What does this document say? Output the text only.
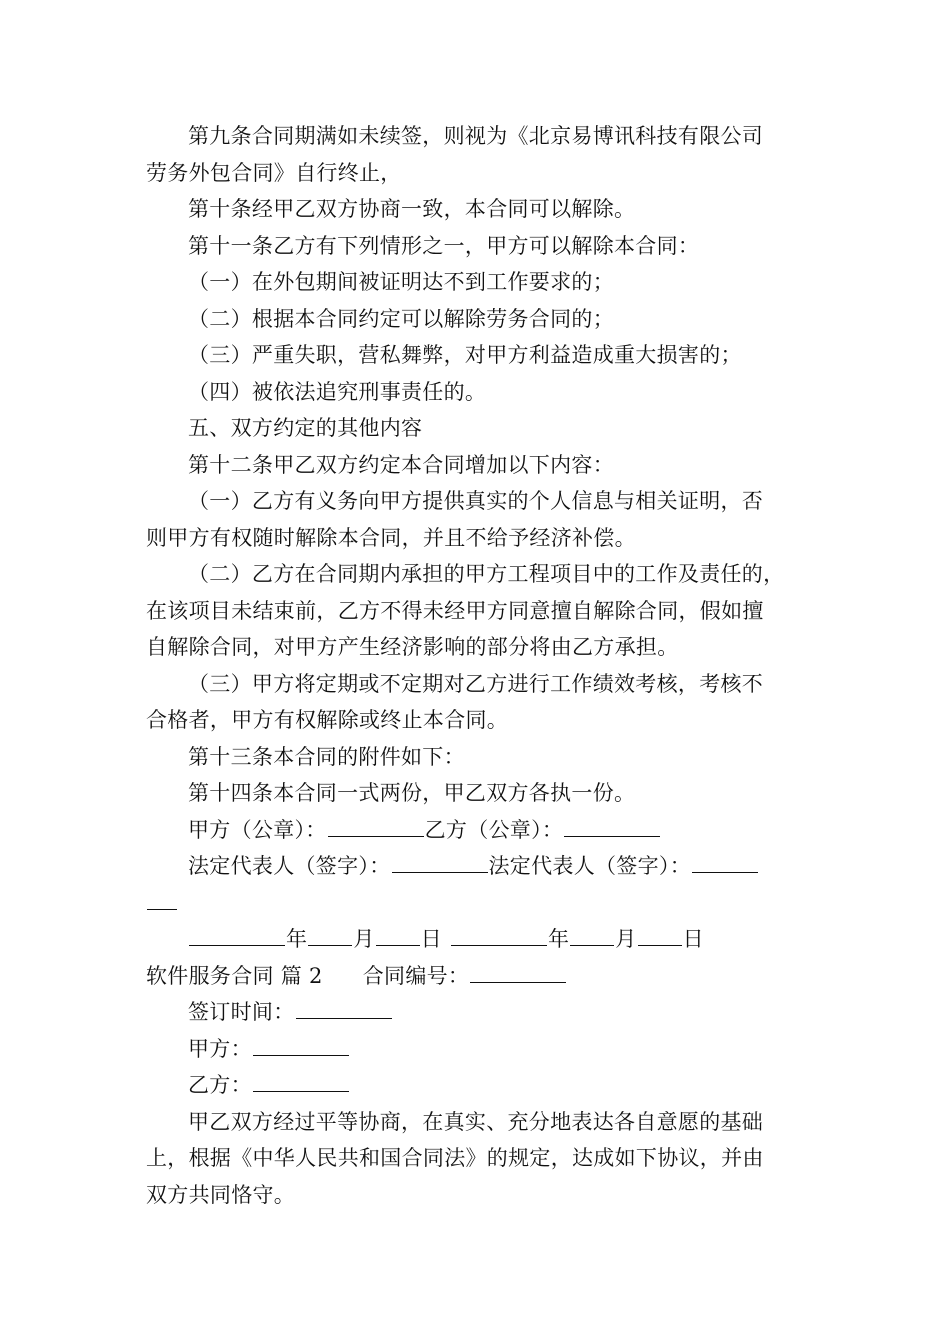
第九条合同期满如未续签，则视为《北京易博讯科技有限公司
劳务外包合同》自行终止，
第十条经甲乙双方协商一致，本合同可以解除。
第十一条乙方有下列情形之一，甲方可以解除本合同：
（一）在外包期间被证明达不到工作要求的；
（二）根据本合同约定可以解除劳务合同的；
（三）严重失职，营私舞弊，对甲方利益造成重大损害的；
（四）被依法追究刑事责任的。
五、双方约定的其他内容
第十二条甲乙双方约定本合同增加以下内容：
（一）乙方有义务向甲方提供真实的个人信息与相关证明，否
则甲方有权随时解除本合同，并且不给予经济补偿。
（二）乙方在合同期内承担的甲方工程项目中的工作及责任的，
在该项目未结束前，乙方不得未经甲方同意擅自解除合同，假如擅
自解除合同，对甲方产生经济影响的部分将由乙方承担。
（三）甲方将定期或不定期对乙方进行工作绩效考核，考核不
合格者，甲方有权解除或终止本合同。
第十三条本合同的附件如下：
第十四条本合同一式两份，甲乙双方各执一份。
甲方（公章）：	乙方（公章）：
法定代表人（签字）：	法定代表人（签字）：
年 月 日	年 月 日
软件服务合同 篇 2 合同编号：
签订时间：
甲方：
乙方：
甲乙双方经过平等协商，在真实、充分地表达各自意愿的基础
上，根据《中华人民共和国合同法》的规定，达成如下协议，并由
双方共同恪守。
